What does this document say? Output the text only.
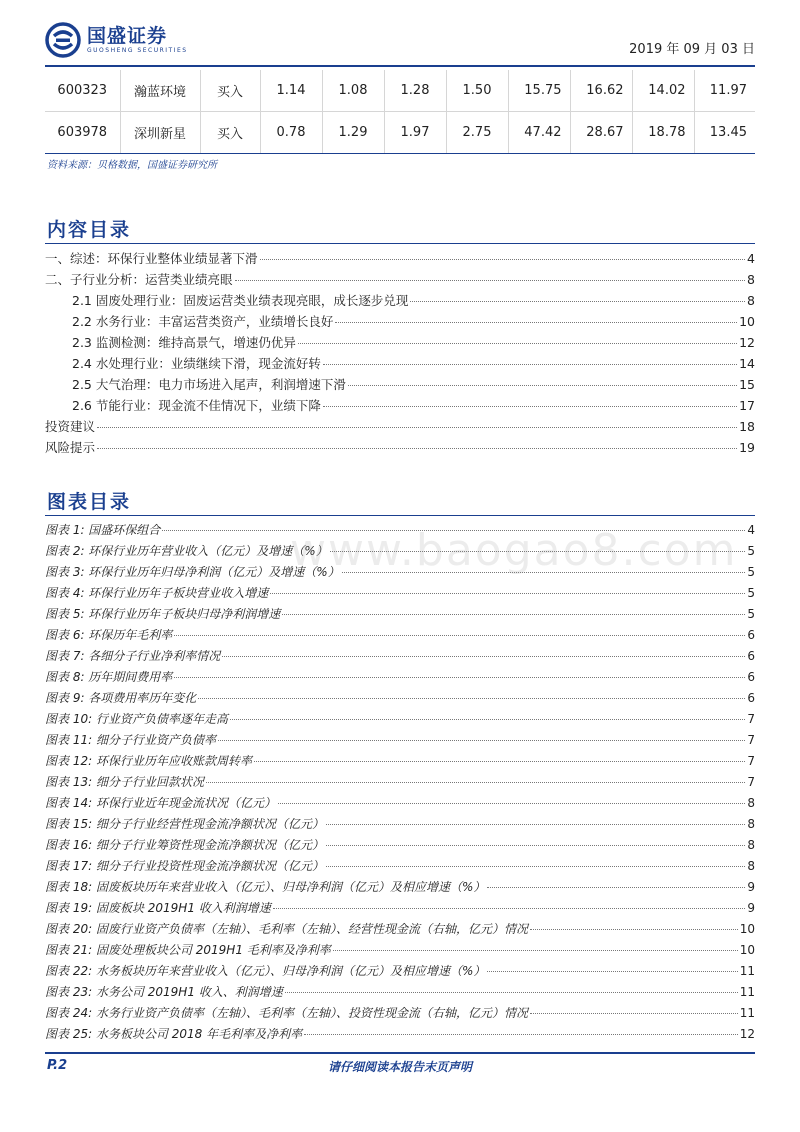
国盛证券
GUOSHENG SECURITIES	2019 年 09 月 03 日
600323	瀚蓝环境	买入	1.14	1.08	1.28	1.50	15.75	16.62	14.02	11.97
603978	深圳新星	买入	0.78	1.29	1.97	2.75	47.42	28.67	18.78	13.45
资料来源：贝格数据，国盛证券研究所
内容目录
一、综述：环保行业整体业绩显著下滑	4
二、子行业分析：运营类业绩亮眼	8
2.1 固废处理行业：固废运营类业绩表现亮眼，成长逐步兑现	8
2.2 水务行业：丰富运营类资产，业绩增长良好	10
2.3 监测检测：维持高景气，增速仍优异	12
2.4 水处理行业：业绩继续下滑，现金流好转	14
2.5 大气治理：电力市场进入尾声，利润增速下滑	15
2.6 节能行业：现金流不佳情况下，业绩下降	17
投资建议	18
风险提示	19
图表目录
图表 1: 国盛环保组合	4
图表 2: 环保行业历年营业收入（亿元）及增速（%）	5
图表 3: 环保行业历年归母净利润（亿元）及增速（%）	5
图表 4: 环保行业历年子板块营业收入增速	5
图表 5: 环保行业历年子板块归母净利润增速	5
图表 6: 环保历年毛利率	6
图表 7: 各细分子行业净利率情况	6
图表 8: 历年期间费用率	6
图表 9: 各项费用率历年变化	6
图表 10: 行业资产负债率逐年走高	7
图表 11: 细分子行业资产负债率	7
图表 12: 环保行业历年应收账款周转率	7
图表 13: 细分子行业回款状况	7
图表 14: 环保行业近年现金流状况（亿元）	8
图表 15: 细分子行业经营性现金流净额状况（亿元）	8
图表 16: 细分子行业筹资性现金流净额状况（亿元）	8
图表 17: 细分子行业投资性现金流净额状况（亿元）	8
图表 18: 固废板块历年来营业收入（亿元）、归母净利润（亿元）及相应增速（%）	9
图表 19: 固废板块 2019H1 收入利润增速	9
图表 20: 固废行业资产负债率（左轴）、毛利率（左轴）、经营性现金流（右轴，亿元）情况	10
图表 21: 固废处理板块公司 2019H1 毛利率及净利率	10
图表 22: 水务板块历年来营业收入（亿元）、归母净利润（亿元）及相应增速（%）	11
图表 23: 水务公司 2019H1 收入、利润增速	11
图表 24: 水务行业资产负债率（左轴）、毛利率（左轴）、投资性现金流（右轴，亿元）情况	11
图表 25: 水务板块公司 2018 年毛利率及净利率	12
www.baogao8.com
P.2	请仔细阅读本报告末页声明
